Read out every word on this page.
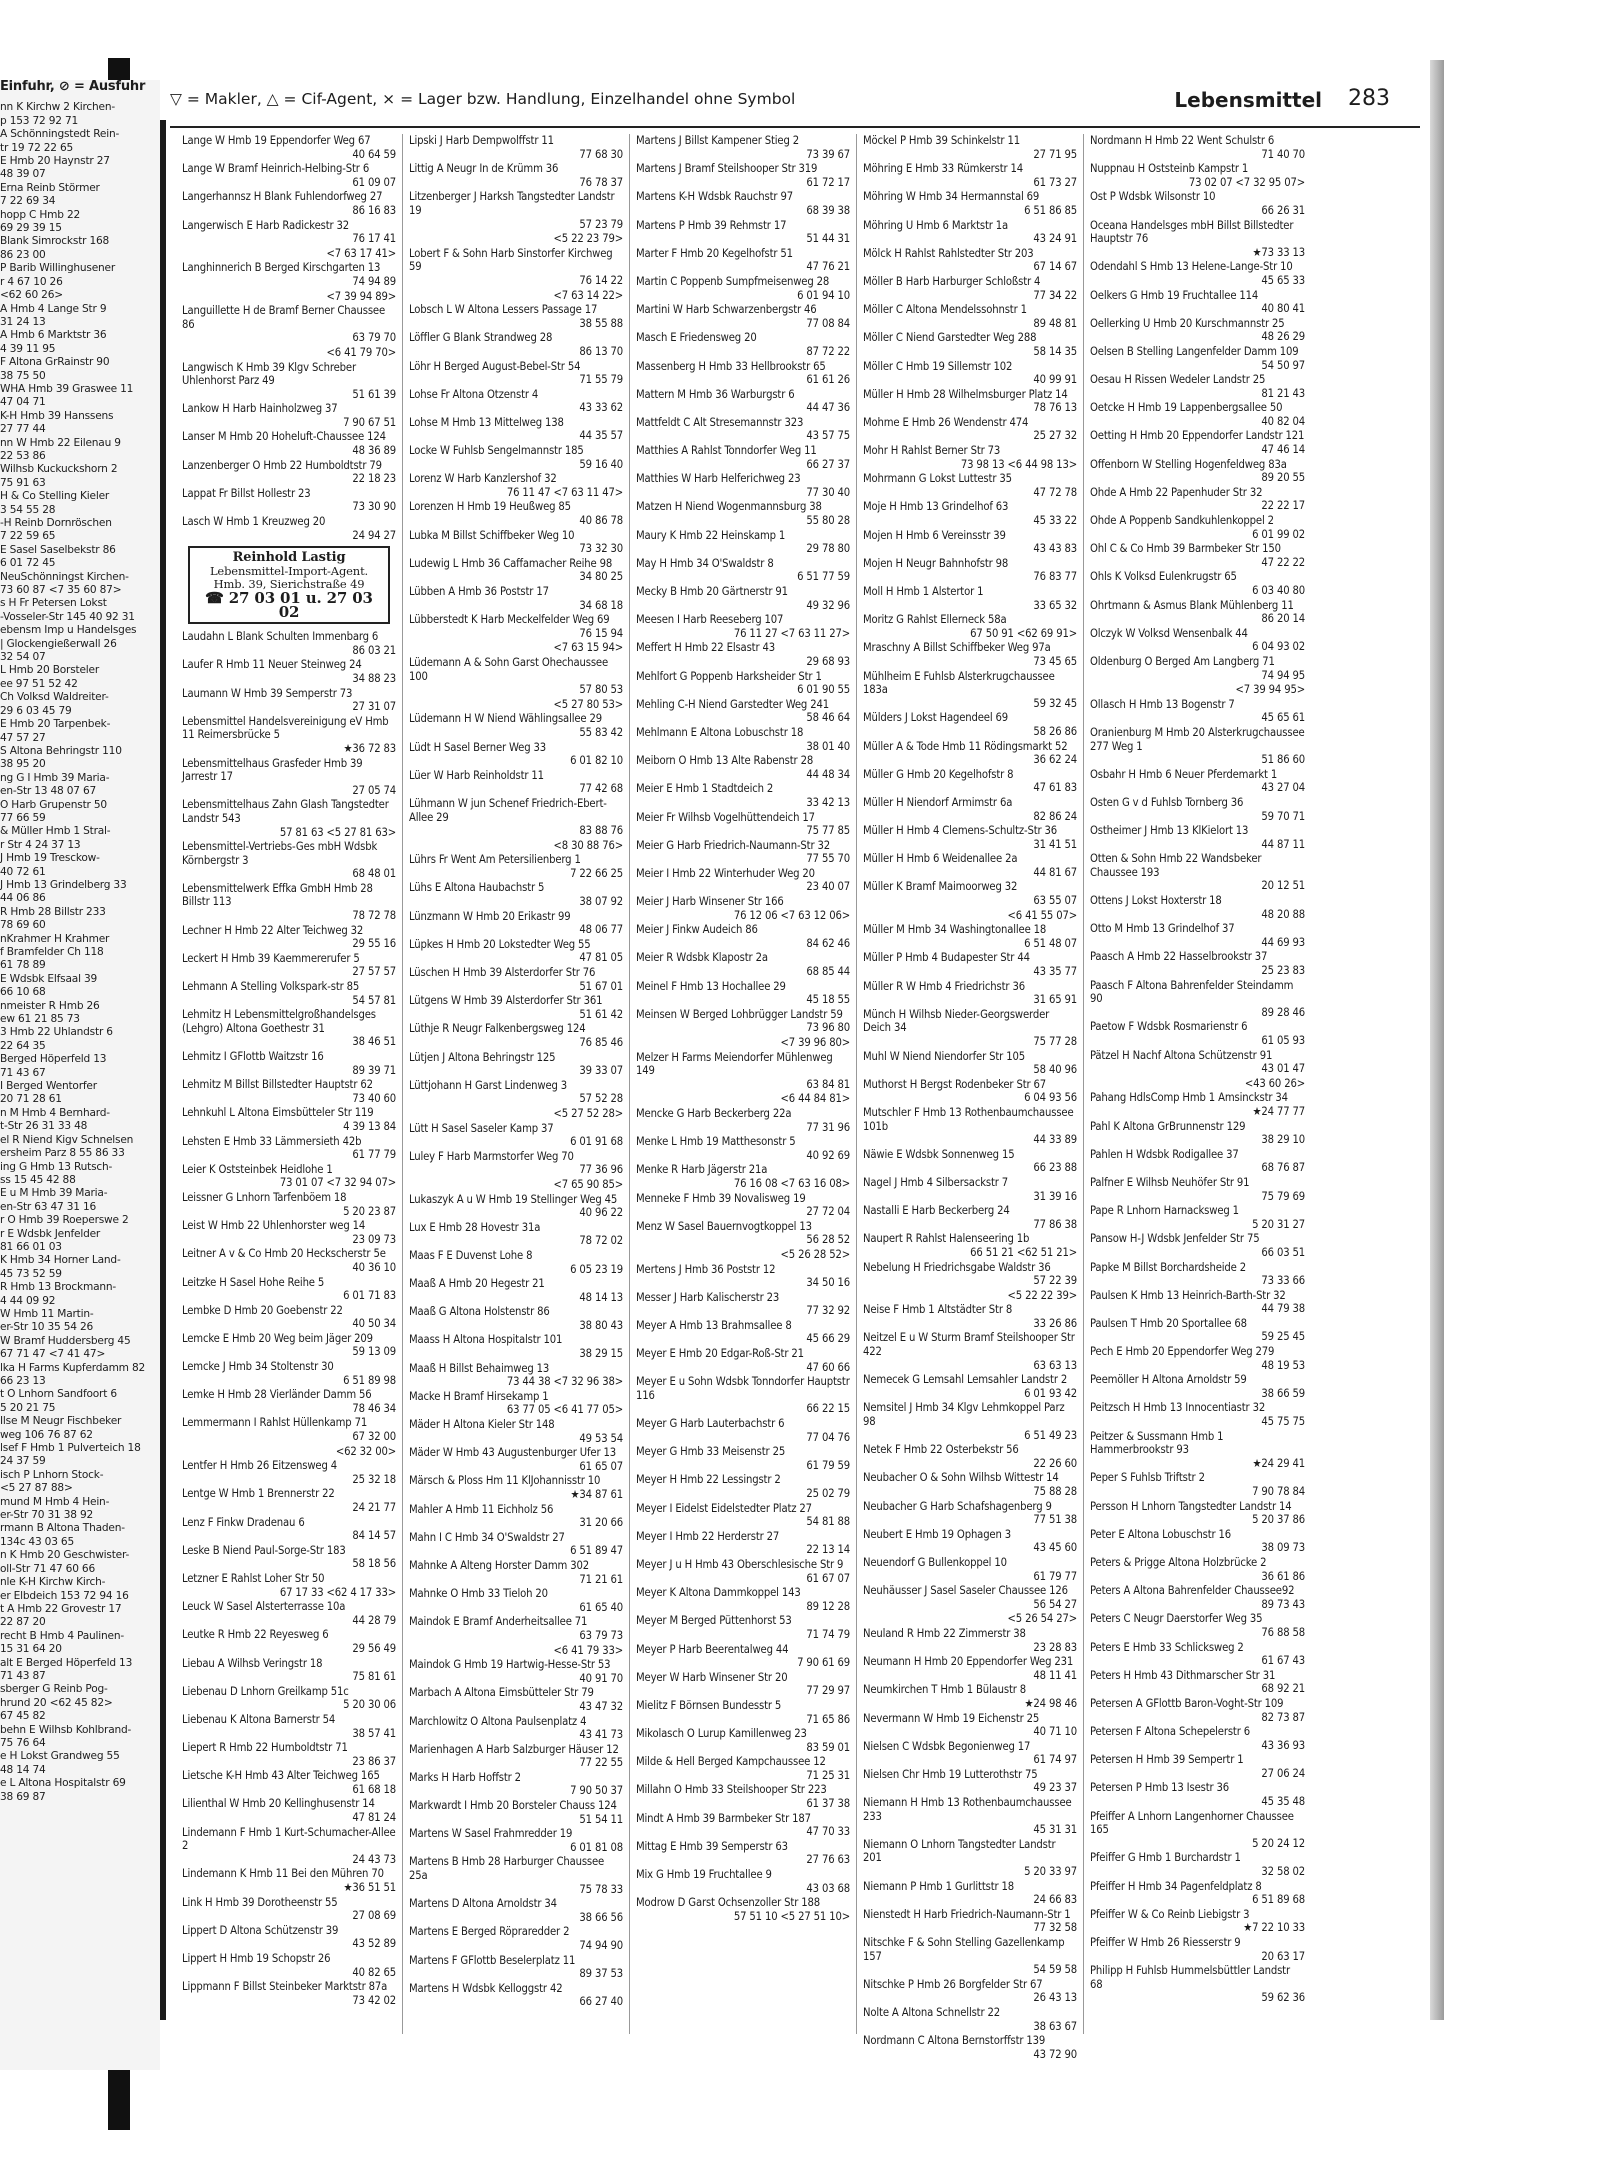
Einfuhr, ⊘ = Ausfuhr
nn K Kirchw 2 Kirchen-
p 153 72 92 71
A Schönningstedt Rein-
tr 19 72 22 65
E Hmb 20 Haynstr 27
48 39 07
Erna Reinb Störmer
7 22 69 34
hopp C Hmb 22
69 29 39 15
Blank Simrockstr 168
86 23 00
P Barib Willinghusener
r 4 67 10 26
<62 60 26>
A Hmb 4 Lange Str 9
31 24 13
A Hmb 6 Marktstr 36
4 39 11 95
F Altona GrRainstr 90
38 75 50
WHA Hmb 39 Graswee 11
47 04 71
K-H Hmb 39 Hanssens
27 77 44
nn W Hmb 22 Eilenau 9
22 53 86
Wilhsb Kuckuckshorn 2
75 91 63
H & Co Stelling Kieler
3 54 55 28
-H Reinb Dornröschen
7 22 59 65
E Sasel Saselbekstr 86
6 01 72 45
NeuSchönningst Kirchen-
73 60 87 <7 35 60 87>
s H Fr Petersen Lokst
-Vosseler-Str 145 40 92 31
ebensm Imp u Handelsges
| Glockengießerwall 26
32 54 07
L Hmb 20 Borsteler
ee 97 51 52 42
Ch Volksd Waldreiter-
29 6 03 45 79
E Hmb 20 Tarpenbek-
47 57 27
S Altona Behringstr 110
38 95 20
ng G I Hmb 39 Maria-
en-Str 13 48 07 67
O Harb Grupenstr 50
77 66 59
& Müller Hmb 1 Stral-
r Str 4 24 37 13
J Hmb 19 Tresckow-
40 72 61
J Hmb 13 Grindelberg 33
44 06 86
R Hmb 28 Billstr 233
78 69 60
nKrahmer H Krahmer
f Bramfelder Ch 118
61 78 89
E Wdsbk Elfsaal 39
66 10 68
nmeister R Hmb 26
ew 61 21 85 73
3 Hmb 22 Uhlandstr 6
22 64 35
Berged Höperfeld 13
71 43 67
I Berged Wentorfer
20 71 28 61
n M Hmb 4 Bernhard-
t-Str 26 31 33 48
el R Niend Kigv Schnelsen
ersheim Parz 8 55 86 33
ing G Hmb 13 Rutsch-
ss 15 45 42 88
E u M Hmb 39 Maria-
en-Str 63 47 31 16
r O Hmb 39 Roeperswe 2
r E Wdsbk Jenfelder
81 66 01 03
K Hmb 34 Horner Land-
45 73 52 59
R Hmb 13 Brockmann-
4 44 09 92
W Hmb 11 Martin-
er-Str 10 35 54 26
W Bramf Huddersberg 45
67 71 47 <7 41 47>
lka H Farms Kupferdamm 82
66 23 13
t O Lnhorn Sandfoort 6
5 20 21 75
Ilse M Neugr Fischbeker
weg 106 76 87 62
lsef F Hmb 1 Pulverteich 18
24 37 59
isch P Lnhorn Stock-
<5 27 87 88>
mund M Hmb 4 Hein-
er-Str 70 31 38 92
rmann B Altona Thaden-
134c 43 03 65
n K Hmb 20 Geschwister-
oll-Str 71 47 60 66
nle K-H Kirchw Kirch-
er Elbdeich 153 72 94 16
t A Hmb 22 Grovestr 17
22 87 20
recht B Hmb 4 Paulinen-
15 31 64 20
alt E Berged Höperfeld 13
71 43 87
sberger G Reinb Pog-
hrund 20 <62 45 82>
67 45 82
behn E Wilhsb Kohlbrand-
75 76 64
e H Lokst Grandweg 55
48 14 74
e L Altona Hospitalstr 69
38 69 87
▽ = Makler, △ = Cif-Agent, × = Lager bzw. Handlung, Einzelhandel ohne Symbol	Lebensmittel 283
Lange W Hmb 19 Eppendorfer Weg 67
40 64 59
Lange W Bramf Heinrich-Helbing-Str 6
61 09 07
Langerhannsz H Blank Fuhlendorfweg 27
86 16 83
Langerwisch E Harb Radickestr 32
76 17 41
<7 63 17 41>
Langhinnerich B Berged Kirschgarten 13
74 94 89
<7 39 94 89>
Languillette H de Bramf Berner Chaussee 86
63 79 70
<6 41 79 70>
Langwisch K Hmb 39 Klgv Schreber Uhlenhorst Parz 49
51 61 39
Lankow H Harb Hainholzweg 37
7 90 67 51
Lanser M Hmb 20 Hoheluft-Chaussee 124
48 36 89
Lanzenberger O Hmb 22 Humboldtstr 79
22 18 23
Lappat Fr Billst Hollestr 23
73 30 90
Lasch W Hmb 1 Kreuzweg 20
24 94 27
Reinhold Lastig
Lebensmittel-Import-Agent.
Hmb. 39, Sierichstraße 49
☎ 27 03 01 u. 27 03 02
Laudahn L Blank Schulten Immenbarg 6
86 03 21
Laufer R Hmb 11 Neuer Steinweg 24
34 88 23
Laumann W Hmb 39 Semperstr 73
27 31 07
Lebensmittel Handelsvereinigung eV Hmb 11 Reimersbrücke 5
★36 72 83
Lebensmittelhaus Grasfeder Hmb 39 Jarrestr 17
27 05 74
Lebensmittelhaus Zahn Glash Tangstedter Landstr 543
57 81 63 <5 27 81 63>
Lebensmittel-Vertriebs-Ges mbH Wdsbk Körnbergstr 3
68 48 01
Lebensmittelwerk Effka GmbH Hmb 28 Billstr 113
78 72 78
Lechner H Hmb 22 Alter Teichweg 32
29 55 16
Leckert H Hmb 39 Kaemmererufer 5
27 57 57
Lehmann A Stelling Volkspark-str 85
54 57 81
Lehmitz H Lebensmittelgroßhandelsges (Lehgro) Altona Goethestr 31
38 46 51
Lehmitz I GFlottb Waitzstr 16
89 39 71
Lehmitz M Billst Billstedter Hauptstr 62
73 40 60
Lehnkuhl L Altona Eimsbütteler Str 119
4 39 13 84
Lehsten E Hmb 33 Lämmersieth 42b
61 77 79
Leier K Oststeinbek Heidlohe 1
73 01 07 <7 32 94 07>
Leissner G Lnhorn Tarfenböem 18
5 20 23 87
Leist W Hmb 22 Uhlenhorster weg 14
23 09 73
Leitner A v & Co Hmb 20 Heckscherstr 5e
40 36 10
Leitzke H Sasel Hohe Reihe 5
6 01 71 83
Lembke D Hmb 20 Goebenstr 22
40 50 34
Lemcke E Hmb 20 Weg beim Jäger 209
59 13 09
Lemcke J Hmb 34 Stoltenstr 30
6 51 89 98
Lemke H Hmb 28 Vierländer Damm 56
78 46 34
Lemmermann I Rahlst Hüllenkamp 71
67 32 00
<62 32 00>
Lentfer H Hmb 26 Eitzensweg 4
25 32 18
Lentge W Hmb 1 Brennerstr 22
24 21 77
Lenz F Finkw Dradenau 6
84 14 57
Leske B Niend Paul-Sorge-Str 183
58 18 56
Letzner E Rahlst Loher Str 50
67 17 33 <62 4 17 33>
Leuck W Sasel Alsterterrasse 10a
44 28 79
Leutke R Hmb 22 Reyesweg 6
29 56 49
Liebau A Wilhsb Veringstr 18
75 81 61
Liebenau D Lnhorn Greilkamp 51c
5 20 30 06
Liebenau K Altona Barnerstr 54
38 57 41
Liepert R Hmb 22 Humboldtstr 71
23 86 37
Lietsche K-H Hmb 43 Alter Teichweg 165
61 68 18
Lilienthal W Hmb 20 Kellinghusenstr 14
47 81 24
Lindemann F Hmb 1 Kurt-Schumacher-Allee 2
24 43 73
Lindemann K Hmb 11 Bei den Mühren 70
★36 51 51
Link H Hmb 39 Dorotheenstr 55
27 08 69
Lippert D Altona Schützenstr 39
43 52 89
Lippert H Hmb 19 Schopstr 26
40 82 65
Lippmann F Billst Steinbeker Marktstr 87a
73 42 02
Lipski J Harb Dempwolffstr 11
77 68 30
Littig A Neugr In de Krümm 36
76 78 37
Litzenberger J Harksh Tangstedter Landstr 19
57 23 79
<5 22 23 79>
Lobert F & Sohn Harb Sinstorfer Kirchweg 59
76 14 22
<7 63 14 22>
Lobsch L W Altona Lessers Passage 17
38 55 88
Löffler G Blank Strandweg 28
86 13 70
Löhr H Berged August-Bebel-Str 54
71 55 79
Lohse Fr Altona Otzenstr 4
43 33 62
Lohse M Hmb 13 Mittelweg 138
44 35 57
Locke W Fuhlsb Sengelmannstr 185
59 16 40
Lorenz W Harb Kanzlershof 32
76 11 47 <7 63 11 47>
Lorenzen H Hmb 19 Heußweg 85
40 86 78
Lubka M Billst Schiffbeker Weg 10
73 32 30
Ludewig L Hmb 36 Caffamacher Reihe 98
34 80 25
Lübben A Hmb 36 Poststr 17
34 68 18
Lübberstedt K Harb Meckelfelder Weg 69
76 15 94
<7 63 15 94>
Lüdemann A & Sohn Garst Ohechaussee 100
57 80 53
<5 27 80 53>
Lüdemann H W Niend Wählingsallee 29
55 83 42
Lüdt H Sasel Berner Weg 33
6 01 82 10
Lüer W Harb Reinholdstr 11
77 42 68
Lühmann W jun Schenef Friedrich-Ebert-Allee 29
83 88 76
<8 30 88 76>
Lührs Fr Went Am Petersilienberg 1
7 22 66 25
Lühs E Altona Haubachstr 5
38 07 92
Lünzmann W Hmb 20 Erikastr 99
48 06 77
Lüpkes H Hmb 20 Lokstedter Weg 55
47 81 05
Lüschen H Hmb 39 Alsterdorfer Str 76
51 67 01
Lütgens W Hmb 39 Alsterdorfer Str 361
51 61 42
Lüthje R Neugr Falkenbergsweg 124
76 85 46
Lütjen J Altona Behringstr 125
39 33 07
Lüttjohann H Garst Lindenweg 3
57 52 28
<5 27 52 28>
Lütt H Sasel Saseler Kamp 37
6 01 91 68
Luley F Harb Marmstorfer Weg 70
77 36 96
<7 65 90 85>
Lukaszyk A u W Hmb 19 Stellinger Weg 45
40 96 22
Lux E Hmb 28 Hovestr 31a
78 72 02
Maas F E Duvenst Lohe 8
6 05 23 19
Maaß A Hmb 20 Hegestr 21
48 14 13
Maaß G Altona Holstenstr 86
38 80 43
Maass H Altona Hospitalstr 101
38 29 15
Maaß H Billst Behaimweg 13
73 44 38 <7 32 96 38>
Macke H Bramf Hirsekamp 1
63 77 05 <6 41 77 05>
Mäder H Altona Kieler Str 148
49 53 54
Mäder W Hmb 43 Augustenburger Ufer 13
61 65 07
Märsch & Ploss Hm 11 KlJohannisstr 10
★34 87 61
Mahler A Hmb 11 Eichholz 56
31 20 66
Mahn I C Hmb 34 O'Swaldstr 27
6 51 89 47
Mahnke A Alteng Horster Damm 302
71 21 61
Mahnke O Hmb 33 Tieloh 20
61 65 40
Maindok E Bramf Anderheitsallee 71
63 79 73
<6 41 79 33>
Maindok G Hmb 19 Hartwig-Hesse-Str 53
40 91 70
Marbach A Altona Eimsbütteler Str 79
43 47 32
Marchlowitz O Altona Paulsenplatz 4
43 41 73
Marienhagen A Harb Salzburger Häuser 12
77 22 55
Marks H Harb Hoffstr 2
7 90 50 37
Markwardt I Hmb 20 Borsteler Chauss 124
51 54 11
Martens W Sasel Frahmredder 19
6 01 81 08
Martens B Hmb 28 Harburger Chaussee 25a
75 78 33
Martens D Altona Arnoldstr 34
38 66 56
Martens E Berged Röpraredder 2
74 94 90
Martens F GFlottb Beselerplatz 11
89 37 53
Martens H Wdsbk Kelloggstr 42
66 27 40
Martens J Billst Kampener Stieg 2
73 39 67
Martens J Bramf Steilshooper Str 319
61 72 17
Martens K-H Wdsbk Rauchstr 97
68 39 38
Martens P Hmb 39 Rehmstr 17
51 44 31
Marter F Hmb 20 Kegelhofstr 51
47 76 21
Martin C Poppenb Sumpfmeisenweg 28
6 01 94 10
Martini W Harb Schwarzenbergstr 46
77 08 84
Masch E Friedensweg 20
87 72 22
Massenberg H Hmb 33 Hellbrookstr 65
61 61 26
Mattern M Hmb 36 Warburgstr 6
44 47 36
Mattfeldt C Alt Stresemannstr 323
43 57 75
Matthies A Rahlst Tonndorfer Weg 11
66 27 37
Matthies W Harb Helferichweg 23
77 30 40
Matzen H Niend Wogenmannsburg 38
55 80 28
Maury K Hmb 22 Heinskamp 1
29 78 80
May H Hmb 34 O'Swaldstr 8
6 51 77 59
Mecky B Hmb 20 Gärtnerstr 91
49 32 96
Meesen I Harb Reeseberg 107
76 11 27 <7 63 11 27>
Meffert H Hmb 22 Elsastr 43
29 68 93
Mehlfort G Poppenb Harksheider Str 1
6 01 90 55
Mehling C-H Niend Garstedter Weg 241
58 46 64
Mehlmann E Altona Lobuschstr 18
38 01 40
Meiborn O Hmb 13 Alte Rabenstr 28
44 48 34
Meier E Hmb 1 Stadtdeich 2
33 42 13
Meier Fr Wilhsb Vogelhüttendeich 17
75 77 85
Meier G Harb Friedrich-Naumann-Str 32
77 55 70
Meier I Hmb 22 Winterhuder Weg 20
23 40 07
Meier J Harb Winsener Str 166
76 12 06 <7 63 12 06>
Meier J Finkw Audeich 86
84 62 46
Meier R Wdsbk Klapostr 2a
68 85 44
Meinel F Hmb 13 Hochallee 29
45 18 55
Meinsen W Berged Lohbrügger Landstr 59
73 96 80
<7 39 96 80>
Melzer H Farms Meiendorfer Mühlenweg 149
63 84 81
<6 44 84 81>
Mencke G Harb Beckerberg 22a
77 31 96
Menke L Hmb 19 Matthesonstr 5
40 92 69
Menke R Harb Jägerstr 21a
76 16 08 <7 63 16 08>
Menneke F Hmb 39 Novalisweg 19
27 72 04
Menz W Sasel Bauernvogtkoppel 13
56 28 52
<5 26 28 52>
Mertens J Hmb 36 Poststr 12
34 50 16
Messer J Harb Kalischerstr 23
77 32 92
Meyer A Hmb 13 Brahmsallee 8
45 66 29
Meyer E Hmb 20 Edgar-Roß-Str 21
47 60 66
Meyer E u Sohn Wdsbk Tonndorfer Hauptstr 116
66 22 15
Meyer G Harb Lauterbachstr 6
77 04 76
Meyer G Hmb 33 Meisenstr 25
61 79 59
Meyer H Hmb 22 Lessingstr 2
25 02 79
Meyer I Eidelst Eidelstedter Platz 27
54 81 88
Meyer I Hmb 22 Herderstr 27
22 13 14
Meyer J u H Hmb 43 Oberschlesische Str 9
61 67 07
Meyer K Altona Dammkoppel 143
89 12 28
Meyer M Berged Püttenhorst 53
71 74 79
Meyer P Harb Beerentalweg 44
7 90 61 69
Meyer W Harb Winsener Str 20
77 29 97
Mielitz F Börnsen Bundesstr 5
71 65 86
Mikolasch O Lurup Kamillenweg 23
83 59 01
Milde & Hell Berged Kampchaussee 12
71 25 31
Millahn O Hmb 33 Steilshooper Str 223
61 37 38
Mindt A Hmb 39 Barmbeker Str 187
47 70 33
Mittag E Hmb 39 Semperstr 63
27 76 63
Mix G Hmb 19 Fruchtallee 9
43 03 68
Modrow D Garst Ochsenzoller Str 188
57 51 10 <5 27 51 10>
Möckel P Hmb 39 Schinkelstr 11
27 71 95
Möhring E Hmb 33 Rümkerstr 14
61 73 27
Möhring W Hmb 34 Hermannstal 69
6 51 86 85
Möhring U Hmb 6 Marktstr 1a
43 24 91
Mölck H Rahlst Rahlstedter Str 203
67 14 67
Möller B Harb Harburger Schloßstr 4
77 34 22
Möller C Altona Mendelssohnstr 1
89 48 81
Möller C Niend Garstedter Weg 288
58 14 35
Möller C Hmb 19 Sillemstr 102
40 99 91
Müller H Hmb 28 Wilhelmsburger Platz 14
78 76 13
Mohme E Hmb 26 Wendenstr 474
25 27 32
Mohr H Rahlst Berner Str 73
73 98 13 <6 44 98 13>
Mohrmann G Lokst Luttestr 35
47 72 78
Moje H Hmb 13 Grindelhof 63
45 33 22
Mojen H Hmb 6 Vereinsstr 39
43 43 83
Mojen H Neugr Bahnhofstr 98
76 83 77
Moll H Hmb 1 Alstertor 1
33 65 32
Moritz G Rahlst Ellerneck 58a
67 50 91 <62 69 91>
Mraschny A Billst Schiffbeker Weg 97a
73 45 65
Mühlheim E Fuhlsb Alsterkrugchaussee 183a
59 32 45
Mülders J Lokst Hagendeel 69
58 26 86
Müller A & Tode Hmb 11 Rödingsmarkt 52
36 62 24
Müller G Hmb 20 Kegelhofstr 8
47 61 83
Müller H Niendorf Armimstr 6a
82 86 24
Müller H Hmb 4 Clemens-Schultz-Str 36
31 41 51
Müller H Hmb 6 Weidenallee 2a
44 81 67
Müller K Bramf Maimoorweg 32
63 55 07
<6 41 55 07>
Müller M Hmb 34 Washingtonallee 18
6 51 48 07
Müller P Hmb 4 Budapester Str 44
43 35 77
Müller R W Hmb 4 Friedrichstr 36
31 65 91
Münch H Wilhsb Nieder-Georgswerder Deich 34
75 77 28
Muhl W Niend Niendorfer Str 105
58 40 96
Muthorst H Bergst Rodenbeker Str 67
6 04 93 56
Mutschler F Hmb 13 Rothenbaumchaussee 101b
44 33 89
Näwie E Wdsbk Sonnenweg 15
66 23 88
Nagel J Hmb 4 Silbersackstr 7
31 39 16
Nastalli E Harb Beckerberg 24
77 86 38
Naupert R Rahlst Halenseering 1b
66 51 21 <62 51 21>
Nebelung H Friedrichsgabe Waldstr 36
57 22 39
<5 22 22 39>
Neise F Hmb 1 Altstädter Str 8
33 26 86
Neitzel E u W Sturm Bramf Steilshooper Str 422
63 63 13
Nemecek G Lemsahl Lemsahler Landstr 2
6 01 93 42
Nemsitel J Hmb 34 Klgv Lehmkoppel Parz 98
6 51 49 23
Netek F Hmb 22 Osterbekstr 56
22 26 60
Neubacher O & Sohn Wilhsb Wittestr 14
75 88 28
Neubacher G Harb Schafshagenberg 9
77 51 38
Neubert E Hmb 19 Ophagen 3
43 45 60
Neuendorf G Bullenkoppel 10
61 79 77
Neuhäusser J Sasel Saseler Chaussee 126
56 54 27
<5 26 54 27>
Neuland R Hmb 22 Zimmerstr 38
23 28 83
Neumann H Hmb 20 Eppendorfer Weg 231
48 11 41
Neumkirchen T Hmb 1 Bülaustr 8
★24 98 46
Nevermann W Hmb 19 Eichenstr 25
40 71 10
Nielsen C Wdsbk Begonienweg 17
61 74 97
Nielsen Chr Hmb 19 Lutterothstr 75
49 23 37
Niemann H Hmb 13 Rothenbaumchaussee 233
45 31 31
Niemann O Lnhorn Tangstedter Landstr 201
5 20 33 97
Niemann P Hmb 1 Gurlittstr 18
24 66 83
Nienstedt H Harb Friedrich-Naumann-Str 1
77 32 58
Nitschke F & Sohn Stelling Gazellenkamp 157
54 59 58
Nitschke P Hmb 26 Borgfelder Str 67
26 43 13
Nolte A Altona Schnellstr 22
38 63 67
Nordmann C Altona Bernstorffstr 139
43 72 90
Nordmann H Hmb 22 Went Schulstr 6
71 40 70
Nuppnau H Oststeinb Kampstr 1
73 02 07 <7 32 95 07>
Ost P Wdsbk Wilsonstr 10
66 26 31
Oceana Handelsges mbH Billst Billstedter Hauptstr 76
★73 33 13
Odendahl S Hmb 13 Helene-Lange-Str 10
45 65 33
Oelkers G Hmb 19 Fruchtallee 114
40 80 41
Oellerking U Hmb 20 Kurschmannstr 25
48 26 29
Oelsen B Stelling Langenfelder Damm 109
54 50 97
Oesau H Rissen Wedeler Landstr 25
81 21 43
Oetcke H Hmb 19 Lappenbergsallee 50
40 82 04
Oetting H Hmb 20 Eppendorfer Landstr 121
47 46 14
Offenborn W Stelling Hogenfeldweg 83a
89 20 55
Ohde A Hmb 22 Papenhuder Str 32
22 22 17
Ohde A Poppenb Sandkuhlenkoppel 2
6 01 99 02
Ohl C & Co Hmb 39 Barmbeker Str 150
47 22 22
Ohls K Volksd Eulenkrugstr 65
6 03 40 80
Ohrtmann & Asmus Blank Mühlenberg 11
86 20 14
Olczyk W Volksd Wensenbalk 44
6 04 93 02
Oldenburg O Berged Am Langberg 71
74 94 95
<7 39 94 95>
Ollasch H Hmb 13 Bogenstr 7
45 65 61
Oranienburg M Hmb 20 Alsterkrugchaussee 277 Weg 1
51 86 60
Osbahr H Hmb 6 Neuer Pferdemarkt 1
43 27 04
Osten G v d Fuhlsb Tornberg 36
59 70 71
Ostheimer J Hmb 13 KlKielort 13
44 87 11
Otten & Sohn Hmb 22 Wandsbeker Chaussee 193
20 12 51
Ottens J Lokst Hoxterstr 18
48 20 88
Otto M Hmb 13 Grindelhof 37
44 69 93
Paasch A Hmb 22 Hasselbrookstr 37
25 23 83
Paasch F Altona Bahrenfelder Steindamm 90
89 28 46
Paetow F Wdsbk Rosmarienstr 6
61 05 93
Pätzel H Nachf Altona Schützenstr 91
43 01 47
<43 60 26>
Pahang HdlsComp Hmb 1 Amsinckstr 34
★24 77 77
Pahl K Altona GrBrunnenstr 129
38 29 10
Pahlen H Wdsbk Rodigallee 37
68 76 87
Palfner E Wilhsb Neuhöfer Str 91
75 79 69
Pape R Lnhorn Harnacksweg 1
5 20 31 27
Pansow H-J Wdsbk Jenfelder Str 75
66 03 51
Papke M Billst Borchardsheide 2
73 33 66
Paulsen K Hmb 13 Heinrich-Barth-Str 32
44 79 38
Paulsen T Hmb 20 Sportallee 68
59 25 45
Pech E Hmb 20 Eppendorfer Weg 279
48 19 53
Peemöller H Altona Arnoldstr 59
38 66 59
Peitzsch H Hmb 13 Innocentiastr 32
45 75 75
Peitzer & Sussmann Hmb 1 Hammerbrookstr 93
★24 29 41
Peper S Fuhlsb Triftstr 2
7 90 78 84
Persson H Lnhorn Tangstedter Landstr 14
5 20 37 86
Peter E Altona Lobuschstr 16
38 09 73
Peters & Prigge Altona Holzbrücke 2
36 61 86
Peters A Altona Bahrenfelder Chaussee92
89 73 43
Peters C Neugr Daerstorfer Weg 35
76 88 58
Peters E Hmb 33 Schlicksweg 2
61 67 43
Peters H Hmb 43 Dithmarscher Str 31
68 92 21
Petersen A GFlottb Baron-Voght-Str 109
82 73 87
Petersen F Altona Schepelerstr 6
43 36 93
Petersen H Hmb 39 Sempertr 1
27 06 24
Petersen P Hmb 13 Isestr 36
45 35 48
Pfeiffer A Lnhorn Langenhorner Chaussee 165
5 20 24 12
Pfeiffer G Hmb 1 Burchardstr 1
32 58 02
Pfeiffer H Hmb 34 Pagenfeldplatz 8
6 51 89 68
Pfeiffer W & Co Reinb Liebigstr 3
★7 22 10 33
Pfeiffer W Hmb 26 Riesserstr 9
20 63 17
Philipp H Fuhlsb Hummelsbüttler Landstr 68
59 62 36
